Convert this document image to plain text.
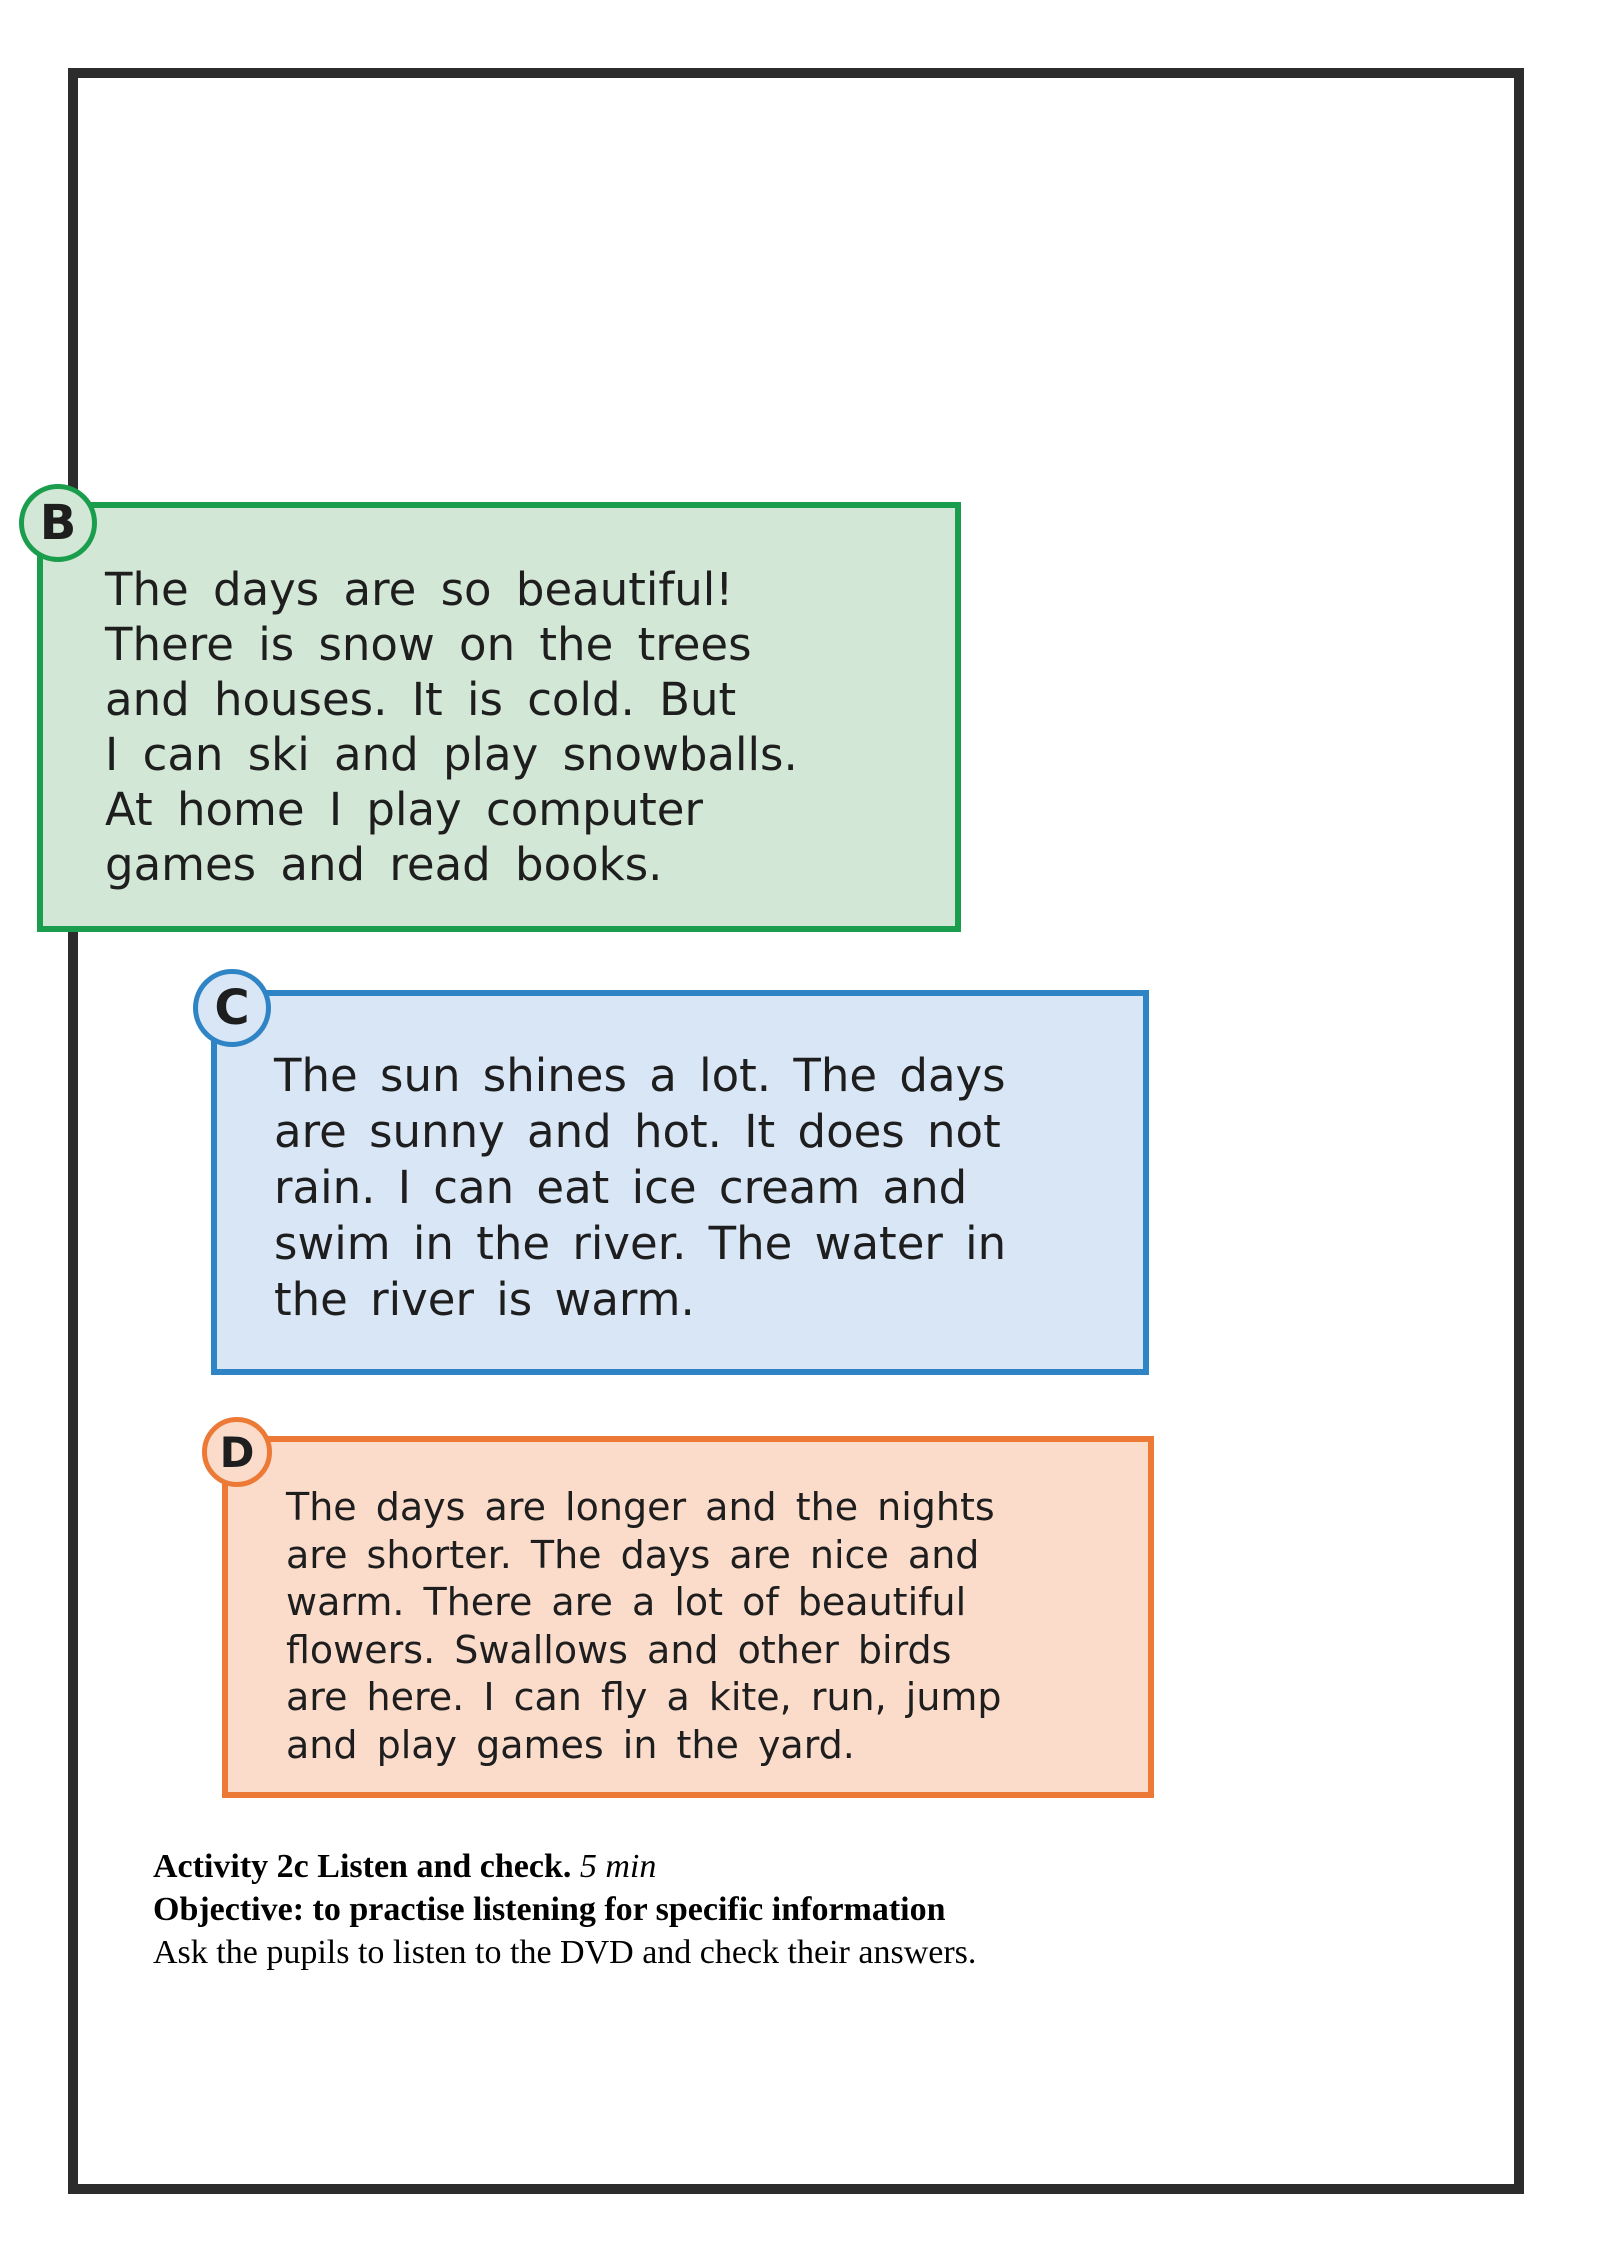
The days are so beautiful!
There is snow on the trees
and houses. It is cold. But
I can ski and play snowballs.
At home I play computer
games and read books.

B

The sun shines a lot. The days
are sunny and hot. It does not
rain. I can eat ice cream and
swim in the river. The water in
the river is warm.

C

The days are longer and the nights
are shorter. The days are nice and
warm. There are a lot of beautiful
flowers. Swallows and other birds
are here. I can fly a kite, run, jump
and play games in the yard.

D

Activity 2c Listen and check. 5 min

Objective: to practise listening for specific information

Ask the pupils to listen to the DVD and check their answers.
